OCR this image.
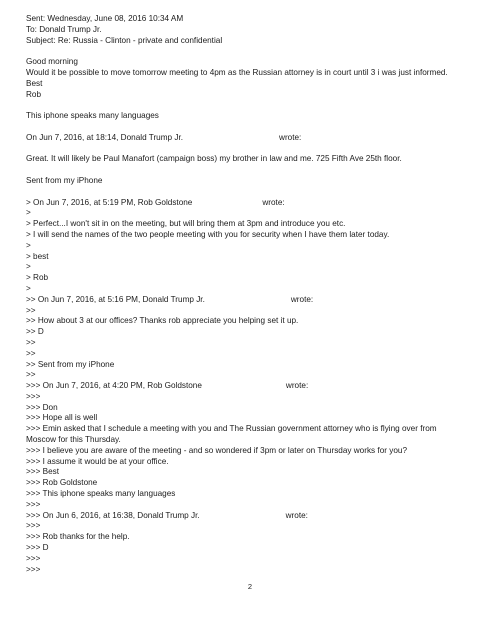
Sent: Wednesday, June 08, 2016 10:34 AM
To: Donald Trump Jr.
Subject: Re: Russia - Clinton - private and confidential
Good morning
Would it be possible to move tomorrow meeting to 4pm as the Russian attorney is in court until 3 i was just informed.
Best
Rob
This iphone speaks many languages
On Jun 7, 2016, at 18:14, Donald Trump Jr.	wrote:
Great. It will likely be Paul Manafort (campaign boss) my brother in law and me. 725 Fifth Ave 25th floor.
Sent from my iPhone
> On Jun 7, 2016, at 5:19 PM, Rob Goldstone	wrote:
>
> Perfect...I won't sit in on the meeting, but will bring them at 3pm and introduce you etc.
> I will send the names of the two people meeting with you for security when I have them later today.
>
> best
>
> Rob
>
>> On Jun 7, 2016, at 5:16 PM, Donald Trump Jr.	wrote:
>>
>> How about 3 at our offices? Thanks rob appreciate you helping set it up.
>> D
>>
>>
>> Sent from my iPhone
>>
>>> On Jun 7, 2016, at 4:20 PM, Rob Goldstone	wrote:
>>>
>>> Don
>>> Hope all is well
>>> Emin asked that I schedule a meeting with you and The Russian government attorney who is flying over from
Moscow for this Thursday.
>>> I believe you are aware of the meeting - and so wondered if 3pm or later on Thursday works for you?
>>> I assume it would be at your office.
>>> Best
>>> Rob Goldstone
>>> This iphone speaks many languages
>>>
>>> On Jun 6, 2016, at 16:38, Donald Trump Jr.	wrote:
>>>
>>> Rob thanks for the help.
>>> D
>>>
>>>
2
